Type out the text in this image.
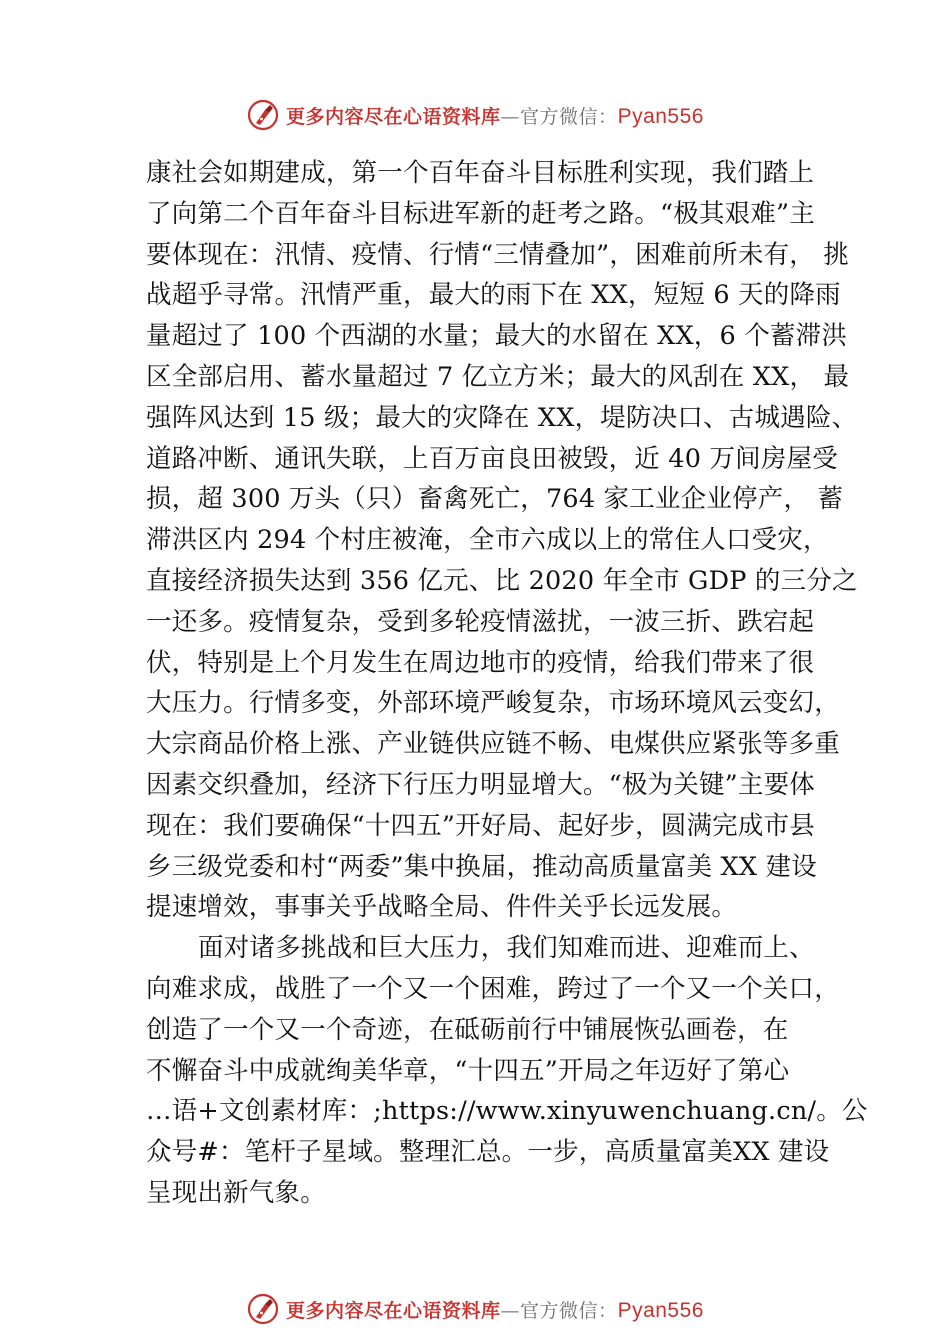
更多内容尽在心语资料库—官方微信：Pyan556
康社会如期建成，第一个百年奋斗目标胜利实现，我们踏上
了向第二个百年奋斗目标进军新的赶考之路。“极其艰难”主
要体现在：汛情、疫情、行情“三情叠加”，困难前所未有， 挑
战超乎寻常。汛情严重，最大的雨下在 XX，短短 6 天的降雨
量超过了 100 个西湖的水量；最大的水留在 XX，6 个蓄滞洪
区全部启用、蓄水量超过 7 亿立方米；最大的风刮在 XX， 最
强阵风达到 15 级；最大的灾降在 XX，堤防决口、古城遇险、
道路冲断、通讯失联，上百万亩良田被毁，近 40 万间房屋受
损，超 300 万头（只）畜禽死亡，764 家工业企业停产， 蓄
滞洪区内 294 个村庄被淹，全市六成以上的常住人口受灾，
直接经济损失达到 356 亿元、比 2020 年全市 GDP 的三分之
一还多。疫情复杂，受到多轮疫情滋扰，一波三折、跌宕起
伏，特别是上个月发生在周边地市的疫情，给我们带来了很
大压力。行情多变，外部环境严峻复杂，市场环境风云变幻，
大宗商品价格上涨、产业链供应链不畅、电煤供应紧张等多重
因素交织叠加，经济下行压力明显增大。“极为关键”主要体
现在：我们要确保“十四五”开好局、起好步，圆满完成市县
乡三级党委和村“两委”集中换届，推动高质量富美 XX 建设
提速增效，事事关乎战略全局、件件关乎长远发展。
面对诸多挑战和巨大压力，我们知难而进、迎难而上、
向难求成，战胜了一个又一个困难，跨过了一个又一个关口，
创造了一个又一个奇迹，在砥砺前行中铺展恢弘画卷，在
不懈奋斗中成就绚美华章，“十四五”开局之年迈好了第心
…语+文创素材库：;https://www.xinyuwenchuang.cn/。公
众号#：笔杆子星域。整理汇总。一步，高质量富美XX 建设
呈现出新气象。
更多内容尽在心语资料库—官方微信：Pyan556
